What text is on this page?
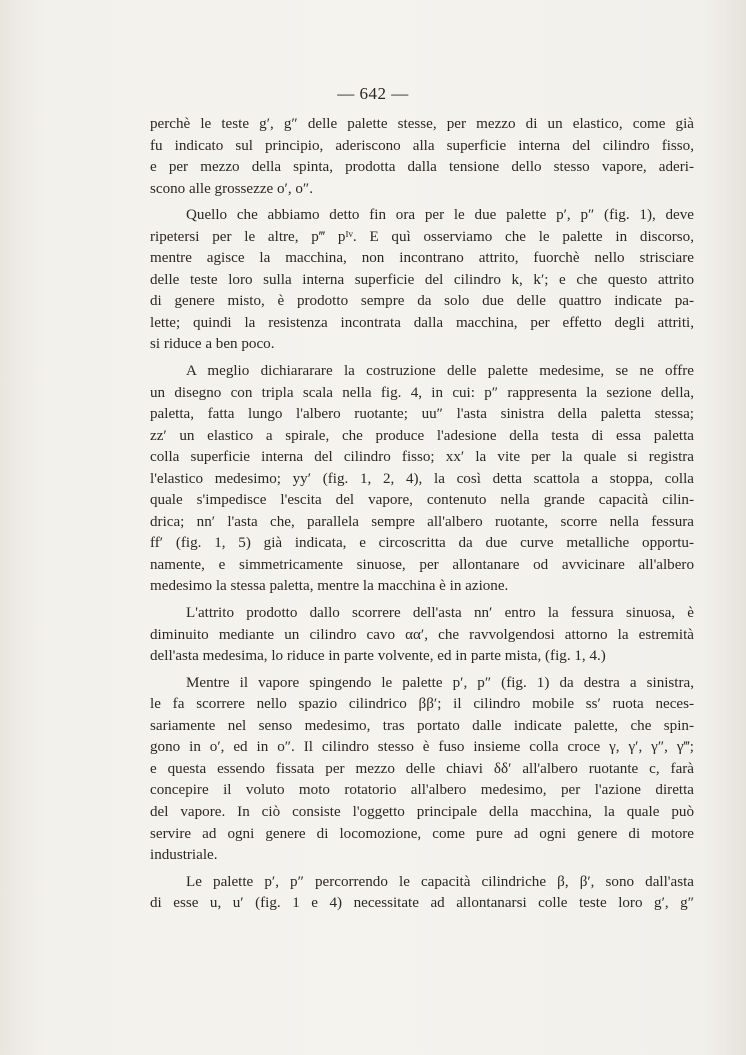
— 642 —

perchè le teste g′, g″ delle palette stesse, per mezzo di un elastico, come già
fu indicato sul principio, aderiscono alla superficie interna del cilindro fisso,
e per mezzo della spinta, prodotta dalla tensione dello stesso vapore, aderi-
scono alle grossezze o′, o″.

Quello che abbiamo detto fin ora per le due palette p′, p″ (fig. 1), deve
ripetersi per le altre, p‴ pᴵᵛ. E quì osserviamo che le palette in discorso,
mentre agisce la macchina, non incontrano attrito, fuorchè nello strisciare
delle teste loro sulla interna superficie del cilindro k, k′; e che questo attrito
di genere misto, è prodotto sempre da solo due delle quattro indicate pa-
lette; quindi la resistenza incontrata dalla macchina, per effetto degli attriti,
si riduce a ben poco.

A meglio dichiararare la costruzione delle palette medesime, se ne offre
un disegno con tripla scala nella fig. 4, in cui: p″ rappresenta la sezione della,
paletta, fatta lungo l'albero ruotante; uu″ l'asta sinistra della paletta stessa;
zz′ un elastico a spirale, che produce l'adesione della testa di essa paletta
colla superficie interna del cilindro fisso; xx′ la vite per la quale si registra
l'elastico medesimo; yy′ (fig. 1, 2, 4), la così detta scattola a stoppa, colla
quale s'impedisce l'escita del vapore, contenuto nella grande capacità cilin-
drica; nn′ l'asta che, parallela sempre all'albero ruotante, scorre nella fessura
ff′ (fig. 1, 5) già indicata, e circoscritta da due curve metalliche opportu-
namente, e simmetricamente sinuose, per allontanare od avvicinare all'albero
medesimo la stessa paletta, mentre la macchina è in azione.

L'attrito prodotto dallo scorrere dell'asta nn′ entro la fessura sinuosa, è
diminuito mediante un cilindro cavo αα′, che ravvolgendosi attorno la estremità
dell'asta medesima, lo riduce in parte volvente, ed in parte mista, (fig. 1, 4.)

Mentre il vapore spingendo le palette p′, p″ (fig. 1) da destra a sinistra,
le fa scorrere nello spazio cilindrico ββ′; il cilindro mobile ss′ ruota neces-
sariamente nel senso medesimo, tras portato dalle indicate palette, che spin-
gono in o′, ed in o″. Il cilindro stesso è fuso insieme colla croce γ, γ′, γ″, γ‴;
e questa essendo fissata per mezzo delle chiavi δδ′ all'albero ruotante c, farà
concepire il voluto moto rotatorio all'albero medesimo, per l'azione diretta
del vapore. In ciò consiste l'oggetto principale della macchina, la quale può
servire ad ogni genere di locomozione, come pure ad ogni genere di motore
industriale.

Le palette p′, p″ percorrendo le capacità cilindriche β, β′, sono dall'asta
di esse u, u′ (fig. 1 e 4) necessitate ad allontanarsi colle teste loro g′, g″
